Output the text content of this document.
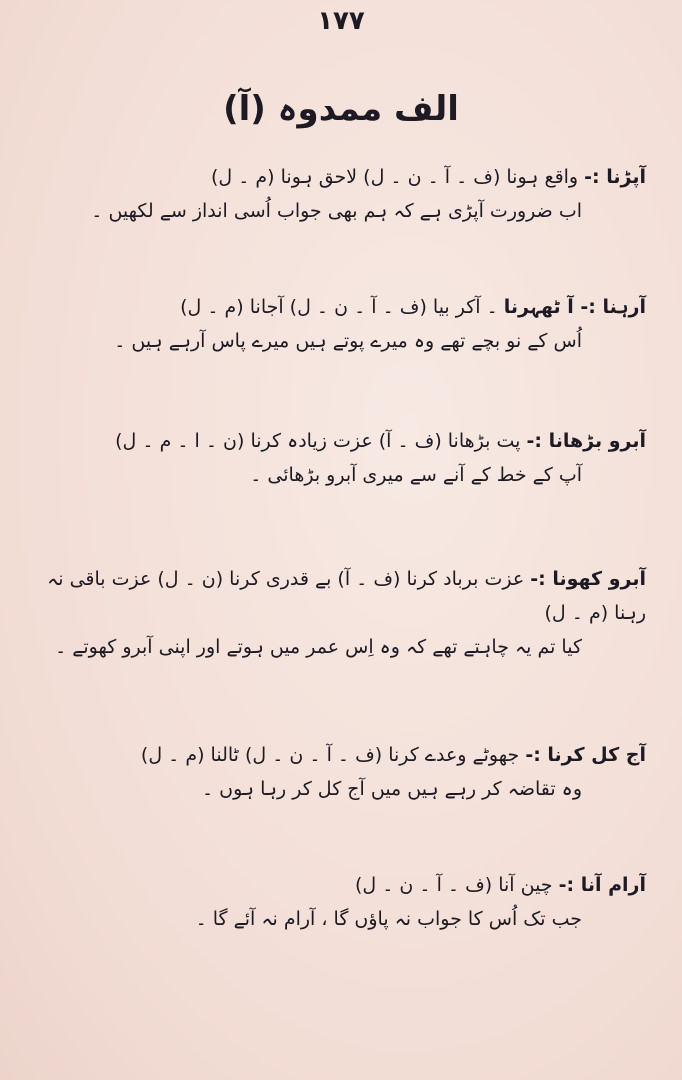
۱۷۷
الف ممدوہ (آ)
آپڑنا :- واقع ہونا (ف ۔ آ ۔ ن ۔ ل) لاحق ہونا (م ۔ ل)
اب ضرورت آپڑی ہے کہ ہم بھی جواب اُسی انداز سے لکھیں ۔
آرہنا :- آ ٹھہرنا ۔ آکر بیا (ف ۔ آ ۔ ن ۔ ل) آجانا (م ۔ ل)
اُس کے نو بچے تھے وہ میرے پوتے ہیں میرے پاس آرہے ہیں ۔
آبرو بڑھانا :- پت بڑھانا (ف ۔ آ) عزت زیادہ کرنا (ن ۔ ا ۔ م ۔ ل)
آپ کے خط کے آنے سے میری آبرو بڑھائی ۔
آبرو کھونا :- عزت برباد کرنا (ف ۔ آ) بے قدری کرنا (ن ۔ ل) عزت باقی نہ رہنا (م ۔ ل)
کیا تم یہ چاہتے تھے کہ وہ اِس عمر میں ہوتے اور اپنی آبرو کھوتے ۔
آج کل کرنا :- جھوٹے وعدے کرنا (ف ۔ آ ۔ ن ۔ ل) ٹالنا (م ۔ ل)
وہ تقاضہ کر رہے ہیں میں آج کل کر رہا ہوں ۔
آرام آنا :- چین آنا (ف ۔ آ ۔ ن ۔ ل)
جب تک اُس کا جواب نہ پاؤں گا ، آرام نہ آئے گا ۔
